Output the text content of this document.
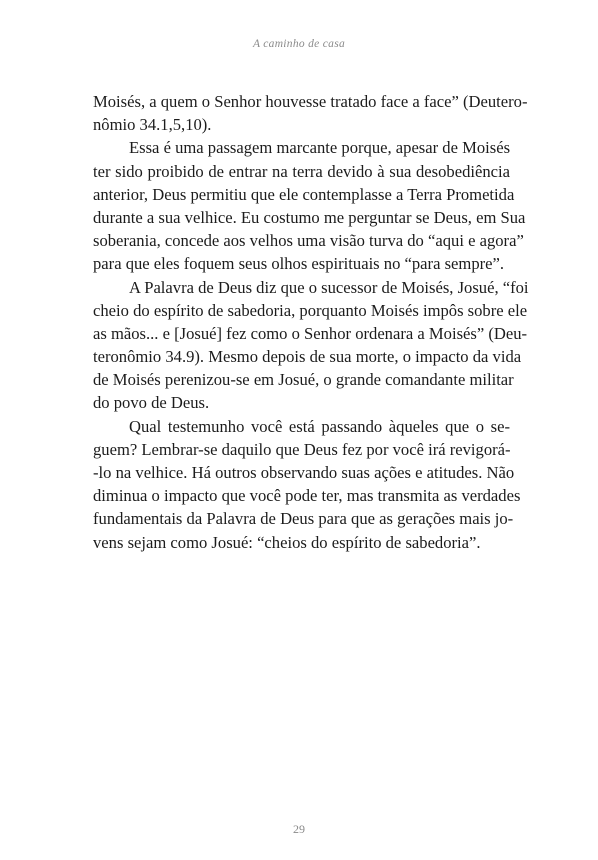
A caminho de casa
Moisés, a quem o Senhor houvesse tratado face a face” (Deutero-
nômio 34.1,5,10).
Essa é uma passagem marcante porque, apesar de Moisés
ter sido proibido de entrar na terra devido à sua desobediência
anterior, Deus permitiu que ele contemplasse a Terra Prometida
durante a sua velhice. Eu costumo me perguntar se Deus, em Sua
soberania, concede aos velhos uma visão turva do “aqui e agora”
para que eles foquem seus olhos espirituais no “para sempre”.
A Palavra de Deus diz que o sucessor de Moisés, Josué, “foi
cheio do espírito de sabedoria, porquanto Moisés impôs sobre ele
as mãos... e [Josué] fez como o Senhor ordenara a Moisés” (Deu-
teronômio 34.9). Mesmo depois de sua morte, o impacto da vida
de Moisés perenizou-se em Josué, o grande comandante militar
do povo de Deus.
Qual testemunho você está passando àqueles que o se-
guem? Lembrar-se daquilo que Deus fez por você irá revigorá-
-lo na velhice. Há outros observando suas ações e atitudes. Não
diminua o impacto que você pode ter, mas transmita as verdades
fundamentais da Palavra de Deus para que as gerações mais jo-
vens sejam como Josué: “cheios do espírito de sabedoria”.
29
